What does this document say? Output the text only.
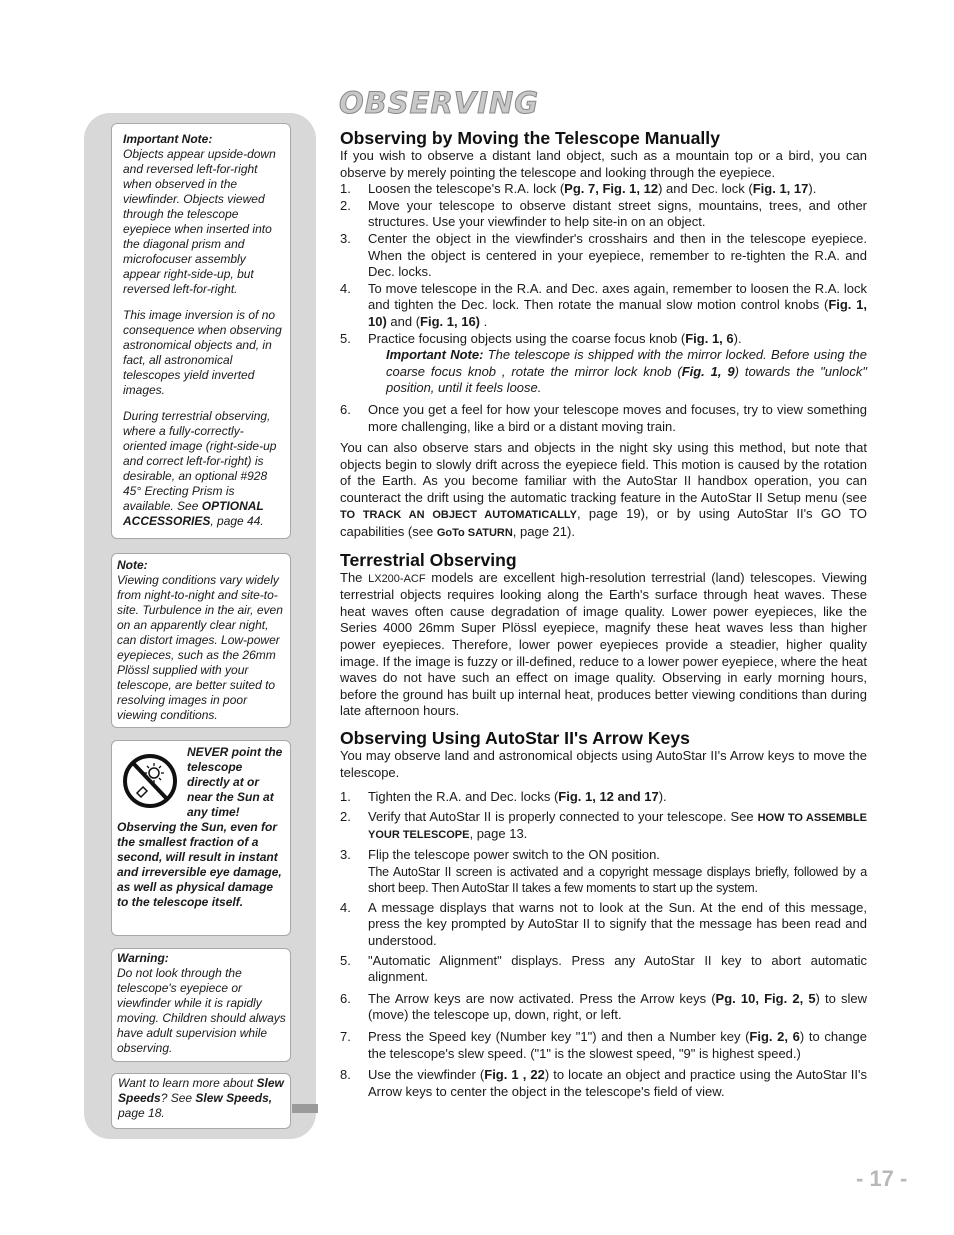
Important Note:
Objects appear upside-down and reversed left-for-right when observed in the viewfinder. Objects viewed through the telescope eyepiece when inserted into the diagonal prism and microfocuser assembly appear right-side-up, but reversed left-for-right.

This image inversion is of no consequence when observing astronomical objects and, in fact, all astronomical telescopes yield inverted images.

During terrestrial observing, where a fully-correctly-oriented image (right-side-up and correct left-for-right) is desirable, an optional #928 45° Erecting Prism is available. See OPTIONAL ACCESSORIES, page 44.

Note:
Viewing conditions vary widely from night-to-night and site-to-site. Turbulence in the air, even on an apparently clear night, can distort images. Low-power eyepieces, such as the 26mm Plössl supplied with your telescope, are better suited to resolving images in poor viewing conditions.

NEVER point the telescope directly at or near the Sun at any time! Observing the Sun, even for the smallest fraction of a second, will result in instant and irreversible eye damage, as well as physical damage to the telescope itself.

Warning:
Do not look through the telescope's eyepiece or viewfinder while it is rapidly moving. Children should always have adult supervision while observing.

Want to learn more about Slew Speeds? See Slew Speeds, page 18.

OBSERVING
Observing by Moving the Telescope Manually

If you wish to observe a distant land object, such as a mountain top or a bird, you can observe by merely pointing the telescope and looking through the eyepiece.

1. Loosen the telescope's R.A. lock (Pg. 7, Fig. 1, 12) and Dec. lock (Fig. 1, 17).
2. Move your telescope to observe distant street signs, mountains, trees, and other structures. Use your viewfinder to help site-in on an object.
3. Center the object in the viewfinder's crosshairs and then in the telescope eyepiece. When the object is centered in your eyepiece, remember to re-tighten the R.A. and Dec. locks.
4. To move telescope in the R.A. and Dec. axes again, remember to loosen the R.A. lock and tighten the Dec. lock. Then rotate the manual slow motion control knobs (Fig. 1, 10) and (Fig. 1, 16) .
5. Practice focusing objects using the coarse focus knob (Fig. 1, 6).

Important Note: The telescope is shipped with the mirror locked. Before using the coarse focus knob , rotate the mirror lock knob (Fig. 1, 9) towards the "unlock" position, until it feels loose.

6. Once you get a feel for how your telescope moves and focuses, try to view something more challenging, like a bird or a distant moving train.

You can also observe stars and objects in the night sky using this method, but note that objects begin to slowly drift across the eyepiece field. This motion is caused by the rotation of the Earth. As you become familiar with the AutoStar II handbox operation, you can counteract the drift using the automatic tracking feature in the AutoStar II Setup menu (see TO TRACK AN OBJECT AUTOMATICALLY, page 19), or by using AutoStar II's GO TO capabilities (see GoTo SATURN, page 21).

Terrestrial Observing

The LX200-ACF models are excellent high-resolution terrestrial (land) telescopes. Viewing terrestrial objects requires looking along the Earth's surface through heat waves. These heat waves often cause degradation of image quality. Lower power eyepieces, like the Series 4000 26mm Super Plössl eyepiece, magnify these heat waves less than higher power eyepieces. Therefore, lower power eyepieces provide a steadier, higher quality image. If the image is fuzzy or ill-defined, reduce to a lower power eyepiece, where the heat waves do not have such an effect on image quality. Observing in early morning hours, before the ground has built up internal heat, produces better viewing conditions than during late afternoon hours.

Observing Using AutoStar II's Arrow Keys

You may observe land and astronomical objects using AutoStar II's Arrow keys to move the telescope.

1. Tighten the R.A. and Dec. locks (Fig. 1, 12 and 17).
2. Verify that AutoStar II is properly connected to your telescope. See HOW TO ASSEMBLE YOUR TELESCOPE, page 13.
3. Flip the telescope power switch to the ON position.

The AutoStar II screen is activated and a copyright message displays briefly, followed by a short beep. Then AutoStar II takes a few moments to start up the system.

4. A message displays that warns not to look at the Sun. At the end of this message, press the key prompted by AutoStar II to signify that the message has been read and understood.
5. "Automatic Alignment" displays. Press any AutoStar II key to abort automatic alignment.
6. The Arrow keys are now activated. Press the Arrow keys (Pg. 10, Fig. 2, 5) to slew (move) the telescope up, down, right, or left.
7. Press the Speed key (Number key "1") and then a Number key (Fig. 2, 6) to change the telescope's slew speed. ("1" is the slowest speed, "9" is highest speed.)
8. Use the viewfinder (Fig. 1 , 22) to locate an object and practice using the AutoStar II's Arrow keys to center the object in the telescope's field of view.
- 17 -
